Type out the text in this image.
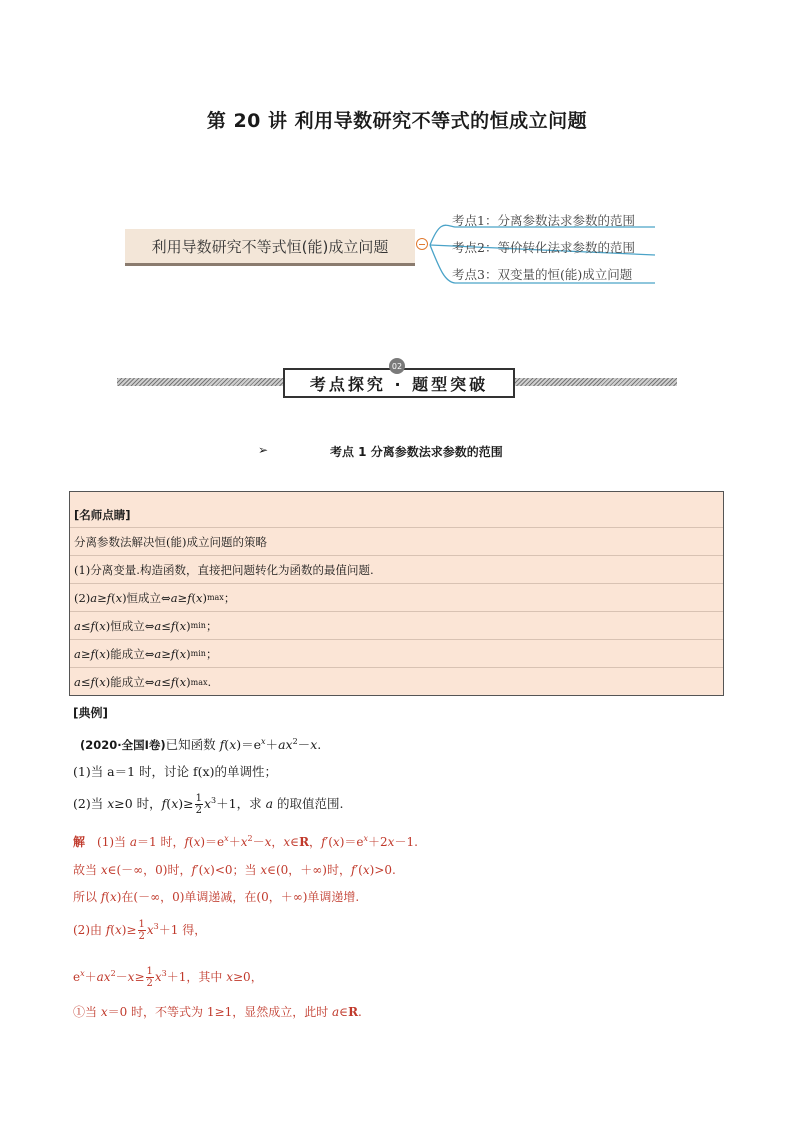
第 20 讲 利用导数研究不等式的恒成立问题
利用导数研究不等式恒(能)成立问题
考点1：分离参数法求参数的范围
考点2：等价转化法求参数的范围
考点3：双变量的恒(能)成立问题
考点探究 · 题型突破
02
➢	考点 1 分离参数法求参数的范围
[名师点睛]
分离参数法解决恒(能)成立问题的策略
(1)分离变量.构造函数，直接把问题转化为函数的最值问题.
(2) a ≥ f ( x )恒成立⇔ a ≥ f ( x ) max ；
a ≤ f ( x )恒成立⇔ a ≤ f ( x ) min ；
a ≥ f ( x )能成立⇔ a ≥ f ( x ) min ；
a ≤ f ( x )能成立⇔ a ≤ f ( x ) max .
[典例]
(2020·全国Ⅰ卷)已知函数 $f(x)=e^x+ax^2-x$.
(1)当 a＝1 时，讨论 f(x)的单调性；
(2)当 x≥0 时，$f(x)\ge \frac{1}{2} x^3+1$，求 a 的取值范围.
解　(1)当 a＝1 时，$f(x)=e^x+x^2-x$，x∈R，$f'(x)=e^x+2x-1$.
故当 x∈(－∞，0)时，f′(x)<0；当 x∈(0，＋∞)时，f′(x)>0.
所以 f(x)在(－∞，0)单调递减，在(0，＋∞)单调递增.
(2)由 $f(x)\ge \frac{1}{2} x^3+1$ 得，
$e^x+ax^2-x\ge \frac{1}{2} x^3+1$，其中 x≥0，
①当 x＝0 时，不等式为 1≥1，显然成立，此时 a∈R.
